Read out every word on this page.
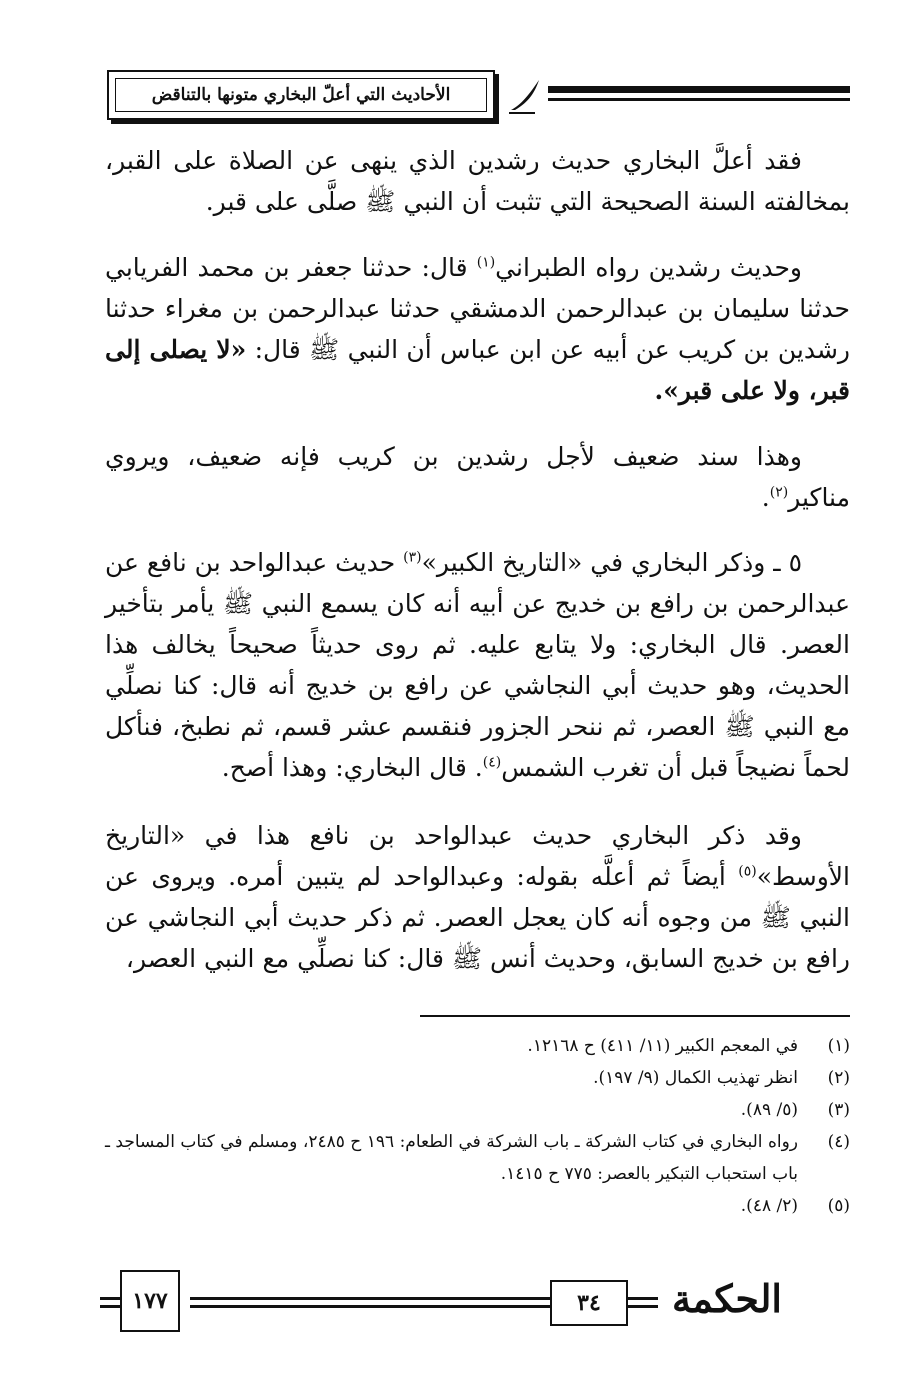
الأحاديث التي أعلّ البخاري متونها بالتناقض
فقد أعلَّ البخاري حديث رشدين الذي ينهى عن الصلاة على القبر، بمخالفته السنة الصحيحة التي تثبت أن النبي ﷺ صلَّى على قبر.
وحديث رشدين رواه الطبراني$^{(١)}$ قال: حدثنا جعفر بن محمد الفريابي حدثنا سليمان بن عبدالرحمن الدمشقي حدثنا عبدالرحمن بن مغراء حدثنا رشدين بن كريب عن أبيه عن ابن عباس أن النبي ﷺ قال: «لا يصلى إلى قبر، ولا على قبر».
وهذا سند ضعيف لأجل رشدين بن كريب فإنه ضعيف، ويروي مناكير$^{(٢)}$.
٥ ـ وذكر البخاري في «التاريخ الكبير»$^{(٣)}$ حديث عبدالواحد بن نافع عن عبدالرحمن بن رافع بن خديج عن أبيه أنه كان يسمع النبي ﷺ يأمر بتأخير العصر. قال البخاري: ولا يتابع عليه. ثم روى حديثاً صحيحاً يخالف هذا الحديث، وهو حديث أبي النجاشي عن رافع بن خديج أنه قال: كنا نصلِّي مع النبي ﷺ العصر، ثم ننحر الجزور فنقسم عشر قسم، ثم نطبخ، فنأكل لحماً نضيجاً قبل أن تغرب الشمس$^{(٤)}$. قال البخاري: وهذا أصح.
وقد ذكر البخاري حديث عبدالواحد بن نافع هذا في «التاريخ الأوسط»$^{(٥)}$ أيضاً ثم أعلَّه بقوله: وعبدالواحد لم يتبين أمره. ويروى عن النبي ﷺ من وجوه أنه كان يعجل العصر. ثم ذكر حديث أبي النجاشي عن رافع بن خديج السابق، وحديث أنس ﷺ قال: كنا نصلِّي مع النبي العصر،
(١)
في المعجم الكبير (١١/ ٤١١) ح ١٢١٦٨.
(٢)
انظر تهذيب الكمال (٩/ ١٩٧).
(٣)
(٥/ ٨٩).
(٤)
رواه البخاري في كتاب الشركة ـ باب الشركة في الطعام: ١٩٦ ح ٢٤٨٥، ومسلم في كتاب المساجد ـ باب استحباب التبكير بالعصر: ٧٧٥ ح ١٤١٥.
(٥)
(٢/ ٤٨).
الحكمة
٣٤
١٧٧
